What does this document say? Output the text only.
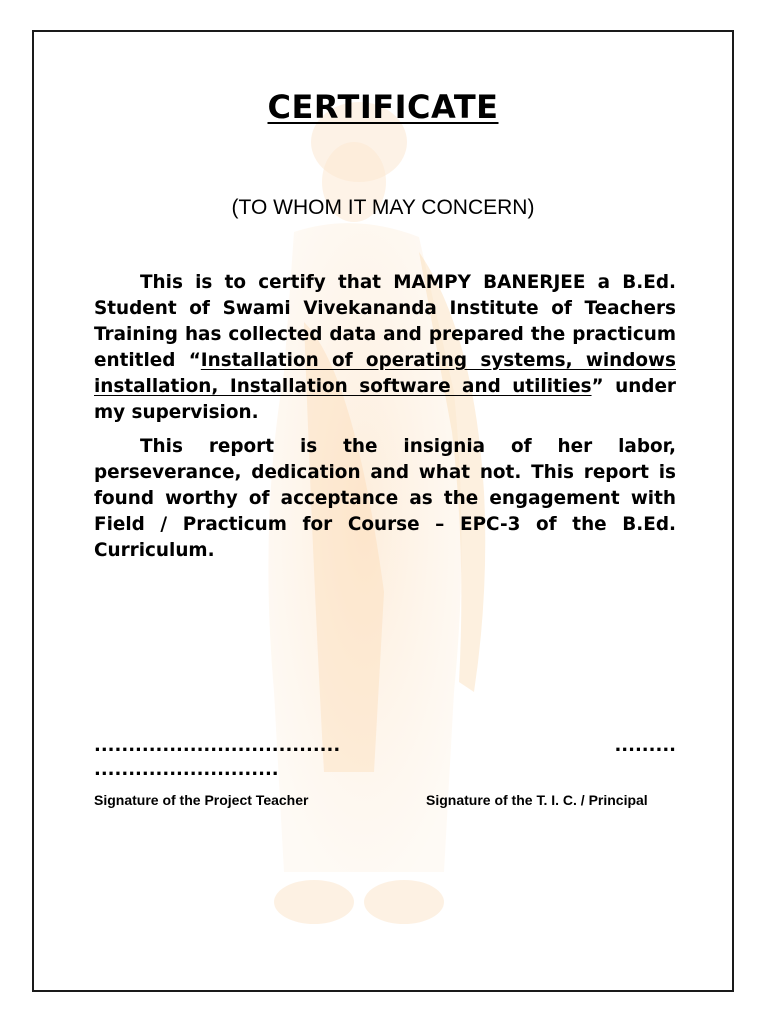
CERTIFICATE
(TO WHOM IT MAY CONCERN)

This is to certify that MAMPY BANERJEE a B.Ed. Student of Swami Vivekananda Institute of Teachers Training has collected data and prepared the practicum entitled “Installation of operating systems, windows installation, Installation software and utilities” under my supervision.

This report is the insignia of her labor, perseverance, dedication and what not. This report is found worthy of acceptance as the engagement with Field / Practicum for Course – EPC-3 of the B.Ed. Curriculum.

....................................	.........
...........................
Signature of the Project Teacher	Signature of the T. I. C. / Principal
